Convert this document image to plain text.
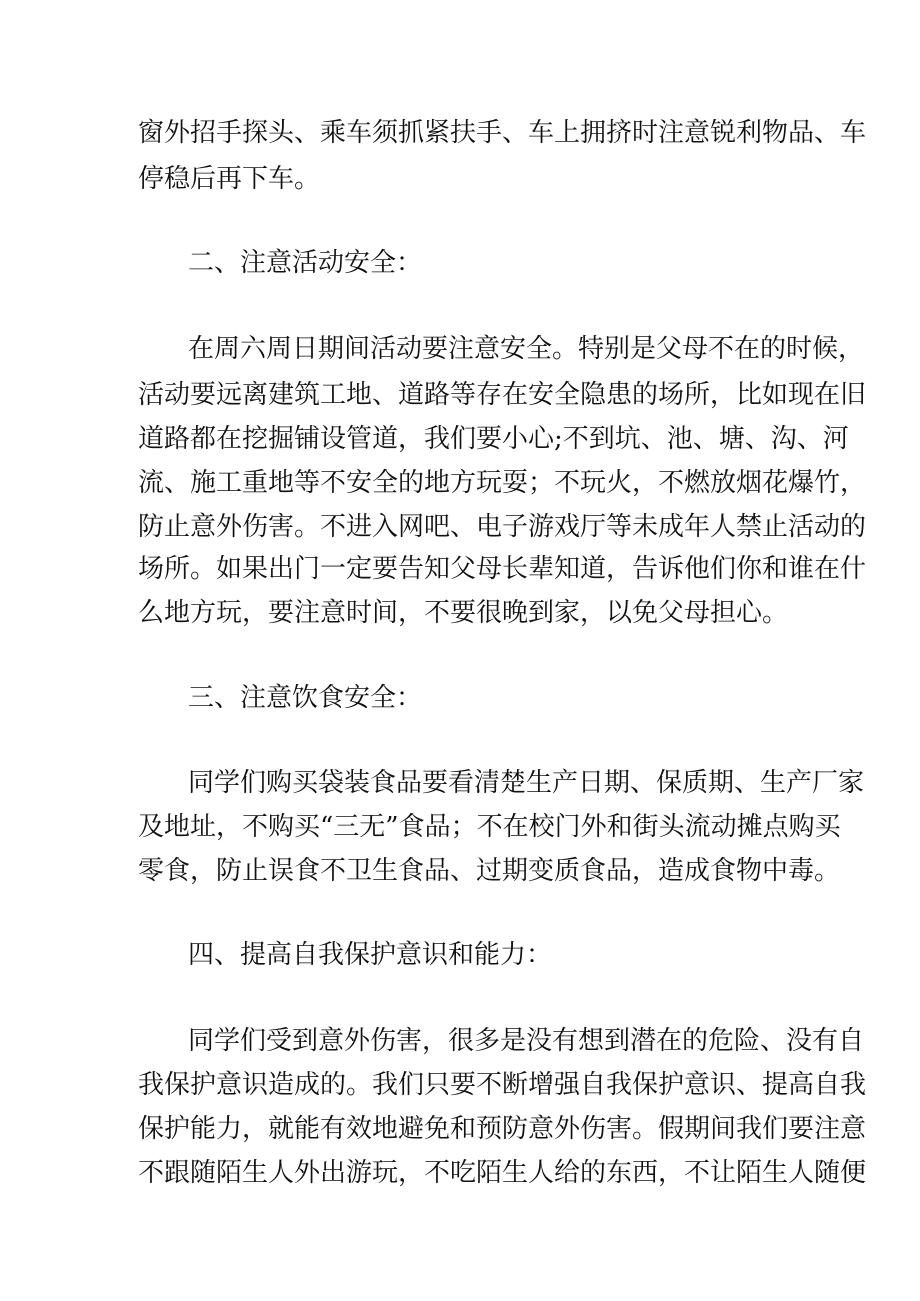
窗外招手探头、乘车须抓紧扶手、车上拥挤时注意锐利物品、车
停稳后再下车。
二、注意活动安全：
在周六周日期间活动要注意安全。特别是父母不在的时候，
活动要远离建筑工地、道路等存在安全隐患的场所，比如现在旧
道路都在挖掘铺设管道，我们要小心;不到坑、池、塘、沟、河
流、施工重地等不安全的地方玩耍；不玩火，不燃放烟花爆竹，
防止意外伤害。不进入网吧、电子游戏厅等未成年人禁止活动的
场所。如果出门一定要告知父母长辈知道，告诉他们你和谁在什
么地方玩，要注意时间，不要很晚到家，以免父母担心。
三、注意饮食安全：
同学们购买袋装食品要看清楚生产日期、保质期、生产厂家
及地址，不购买“三无”食品；不在校门外和街头流动摊点购买
零食，防止误食不卫生食品、过期变质食品，造成食物中毒。
四、提高自我保护意识和能力：
同学们受到意外伤害，很多是没有想到潜在的危险、没有自
我保护意识造成的。我们只要不断增强自我保护意识、提高自我
保护能力，就能有效地避免和预防意外伤害。假期间我们要注意
不跟随陌生人外出游玩，不吃陌生人给的东西，不让陌生人随便
